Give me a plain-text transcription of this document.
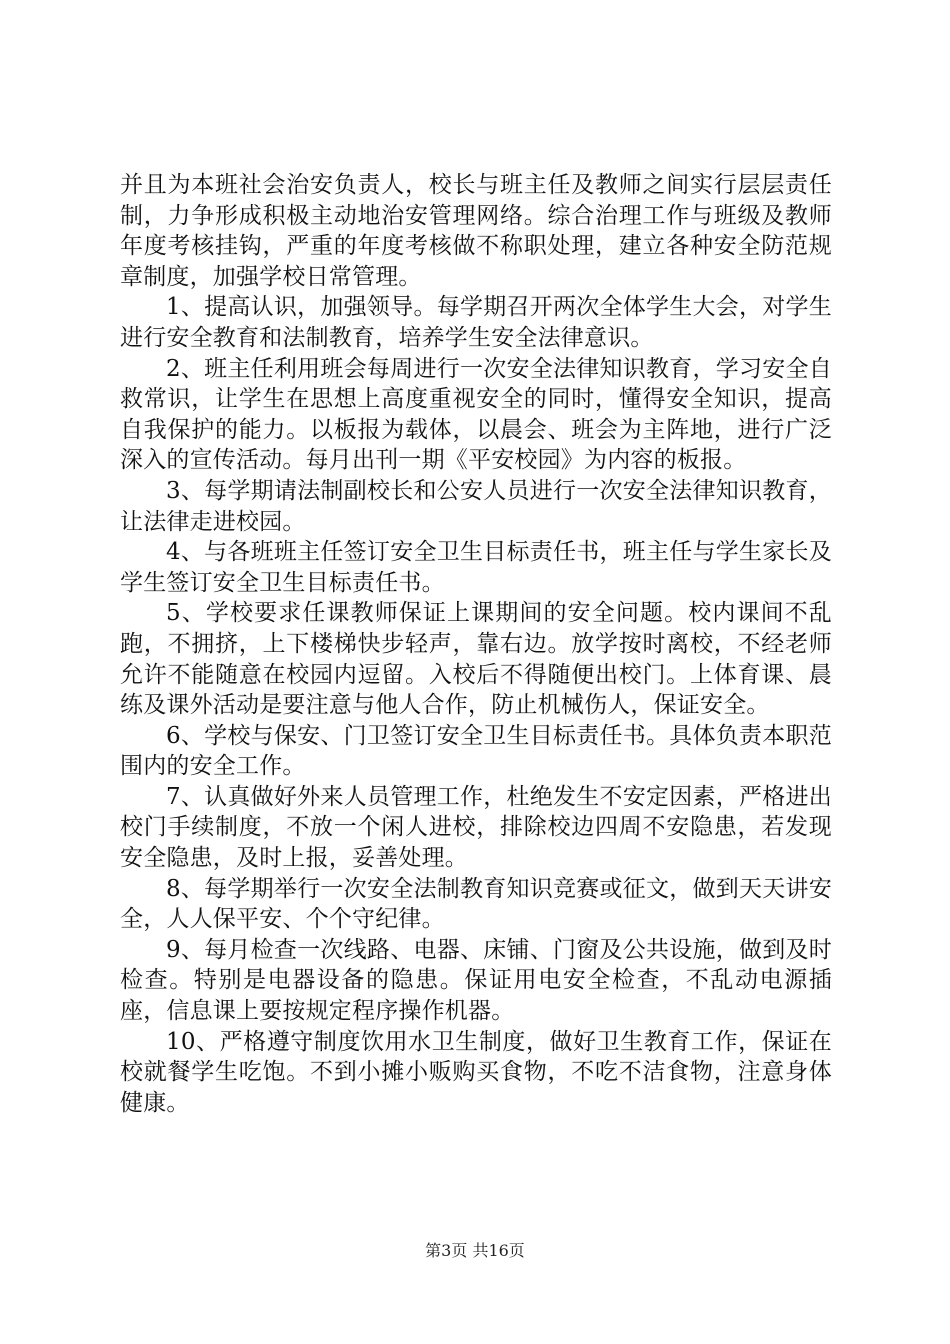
并且为本班社会治安负责人，校长与班主任及教师之间实行层层责任制，力争形成积极主动地治安管理网络。综合治理工作与班级及教师年度考核挂钩，严重的年度考核做不称职处理，建立各种安全防范规章制度，加强学校日常管理。

1、提高认识，加强领导。每学期召开两次全体学生大会，对学生进行安全教育和法制教育，培养学生安全法律意识。

2、班主任利用班会每周进行一次安全法律知识教育，学习安全自救常识，让学生在思想上高度重视安全的同时，懂得安全知识，提高自我保护的能力。以板报为载体，以晨会、班会为主阵地，进行广泛深入的宣传活动。每月出刊一期《平安校园》为内容的板报。

3、每学期请法制副校长和公安人员进行一次安全法律知识教育，让法律走进校园。

4、与各班班主任签订安全卫生目标责任书，班主任与学生家长及学生签订安全卫生目标责任书。

5、学校要求任课教师保证上课期间的安全问题。校内课间不乱跑，不拥挤，上下楼梯快步轻声，靠右边。放学按时离校，不经老师允许不能随意在校园内逗留。入校后不得随便出校门。上体育课、晨练及课外活动是要注意与他人合作，防止机械伤人，保证安全。

6、学校与保安、门卫签订安全卫生目标责任书。具体负责本职范围内的安全工作。

7、认真做好外来人员管理工作，杜绝发生不安定因素，严格进出校门手续制度，不放一个闲人进校，排除校边四周不安隐患，若发现安全隐患，及时上报，妥善处理。

8、每学期举行一次安全法制教育知识竞赛或征文，做到天天讲安全，人人保平安、个个守纪律。

9、每月检查一次线路、电器、床铺、门窗及公共设施，做到及时检查。特别是电器设备的隐患。保证用电安全检查，不乱动电源插座，信息课上要按规定程序操作机器。

10、严格遵守制度饮用水卫生制度，做好卫生教育工作，保证在校就餐学生吃饱。不到小摊小贩购买食物，不吃不洁食物，注意身体健康。

第3页 共16页
